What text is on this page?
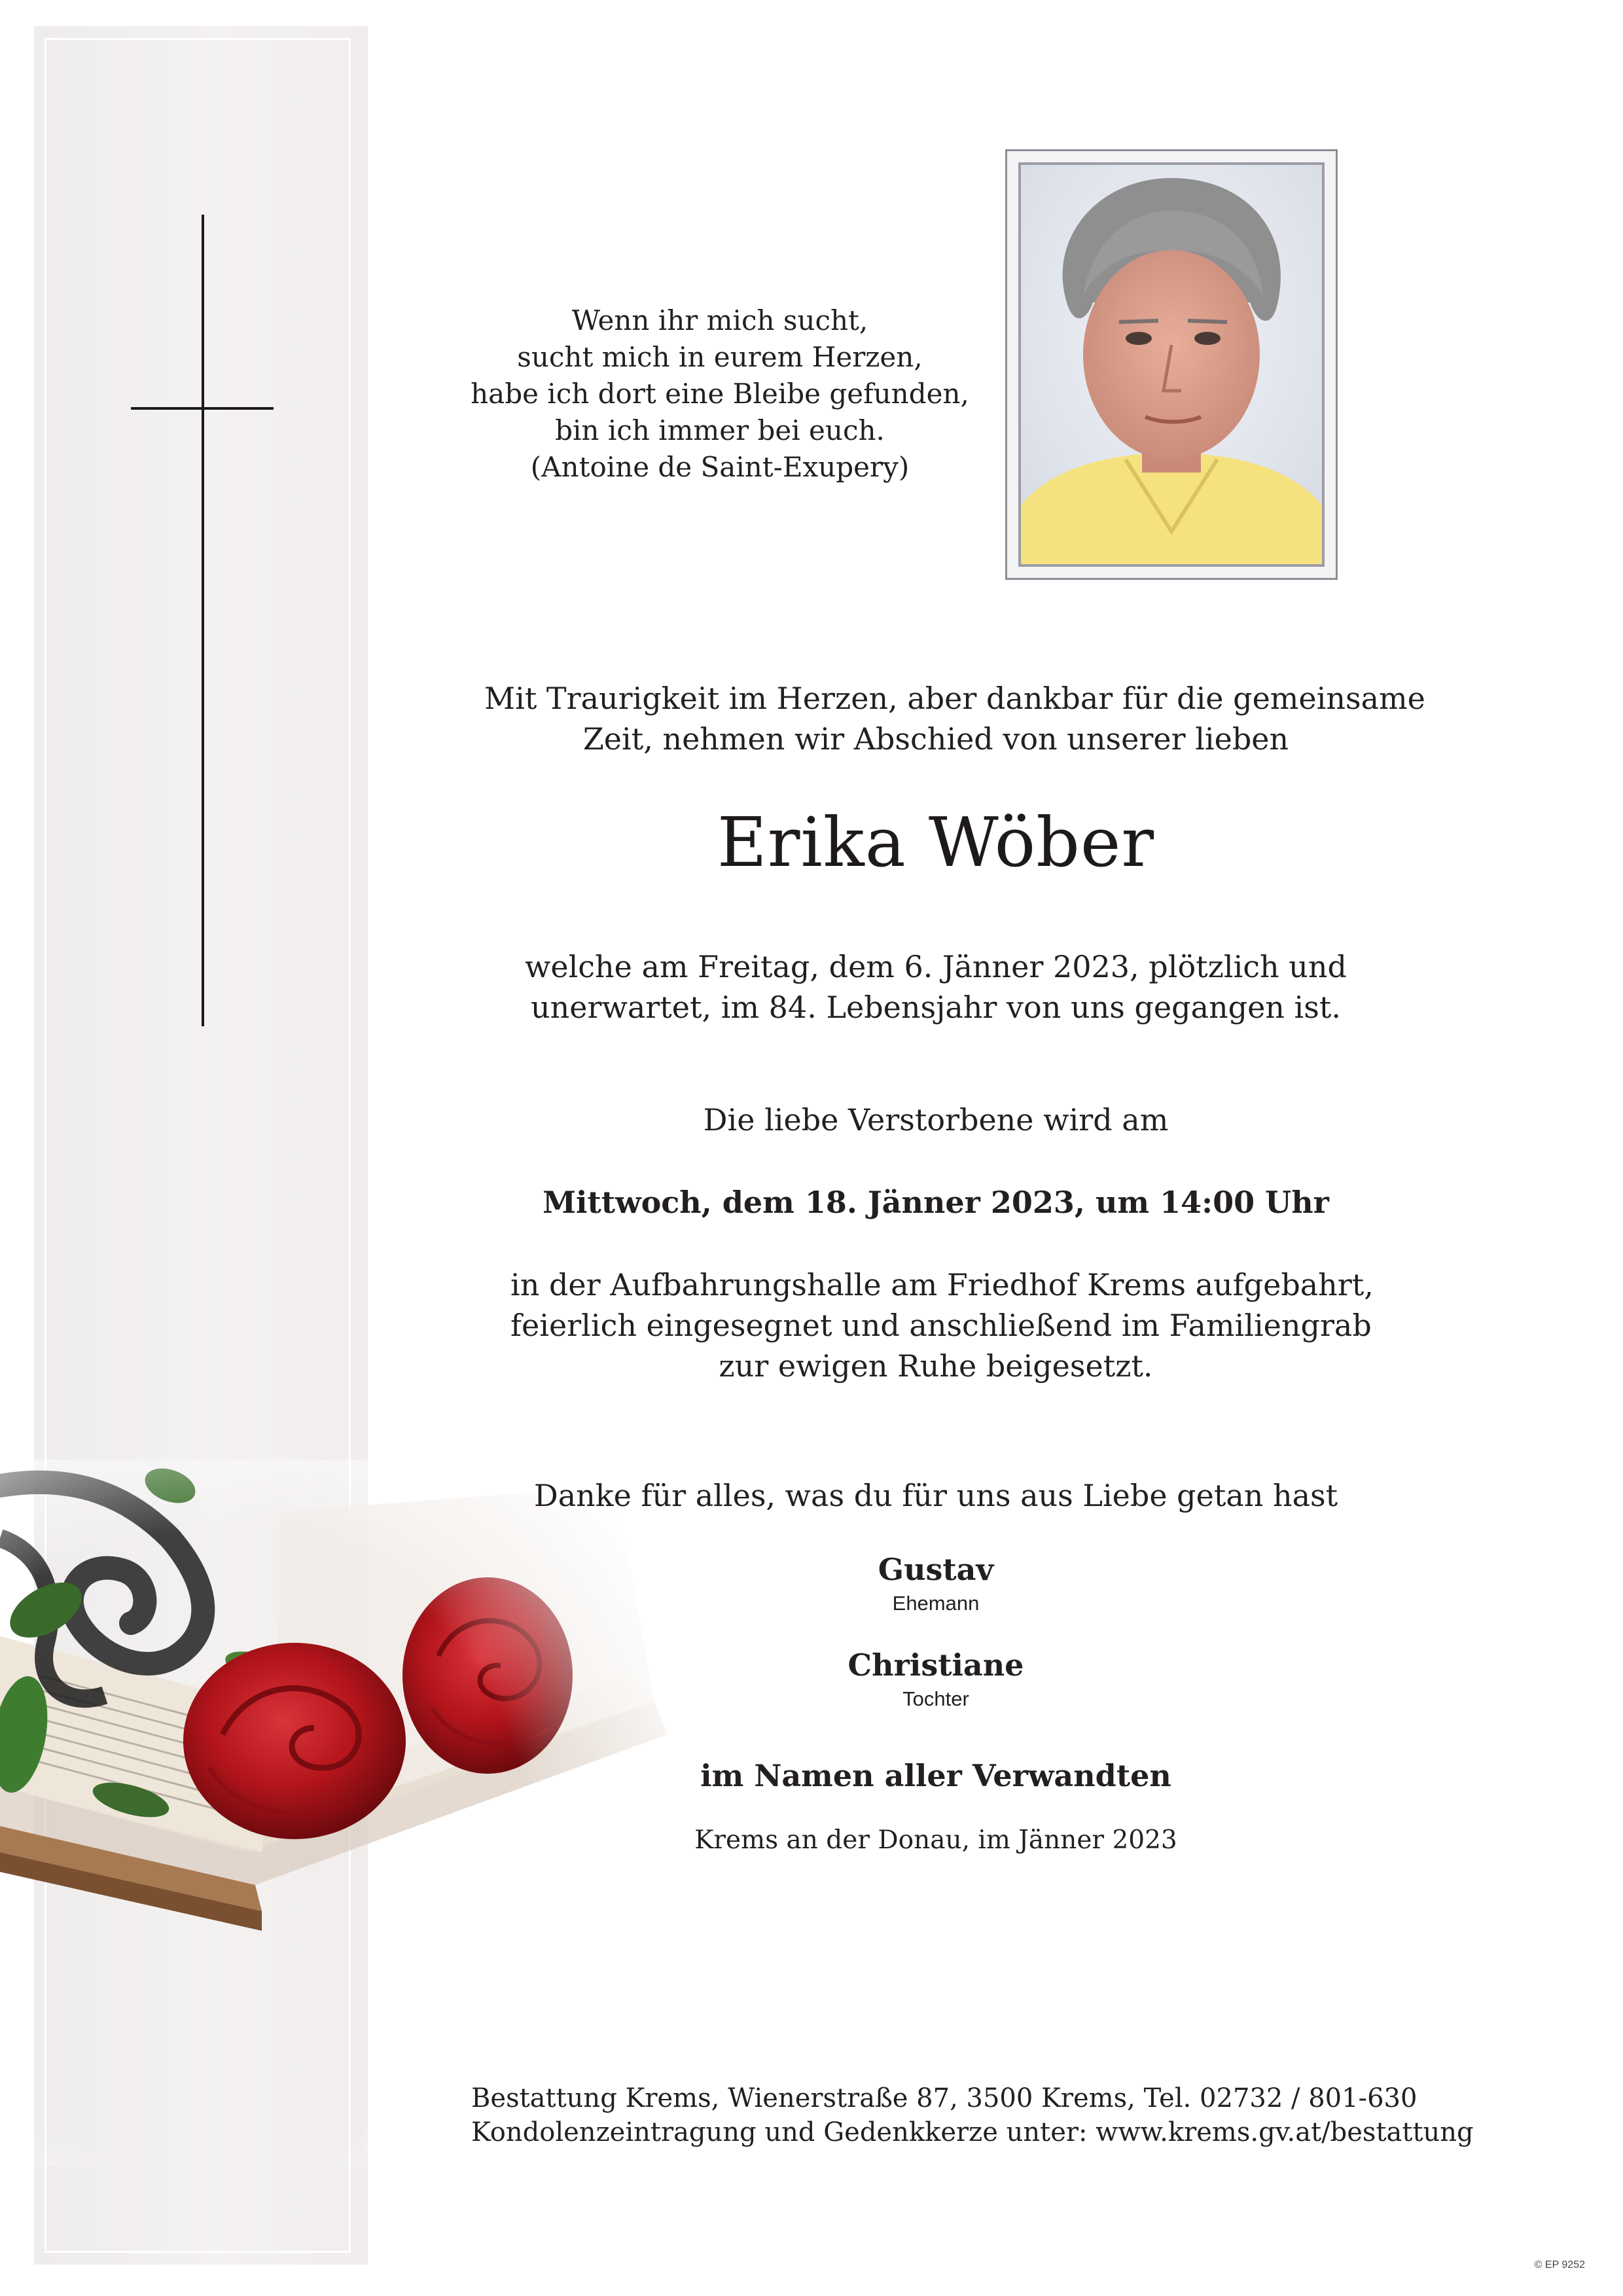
Wenn ihr mich sucht,
sucht mich in eurem Herzen,
habe ich dort eine Bleibe gefunden,
bin ich immer bei euch.
(Antoine de Saint-Exupery)
Mit Traurigkeit im Herzen, aber dankbar für die gemeinsame
Zeit, nehmen wir Abschied von unserer lieben
Erika Wöber
welche am Freitag, dem 6. Jänner 2023, plötzlich und
unerwartet, im 84. Lebensjahr von uns gegangen ist.
Die liebe Verstorbene wird am
Mittwoch, dem 18. Jänner 2023, um 14:00 Uhr
in der Aufbahrungshalle am Friedhof Krems aufgebahrt,
feierlich eingesegnet und anschließend im Familiengrab
zur ewigen Ruhe beigesetzt.
Danke für alles, was du für uns aus Liebe getan hast
Gustav
Ehemann
Christiane
Tochter
im Namen aller Verwandten
Krems an der Donau, im Jänner 2023
Bestattung Krems, Wienerstraße 87, 3500 Krems, Tel. 02732 / 801-630
Kondolenzeintragung und Gedenkkerze unter: www.krems.gv.at/bestattung
© EP 9252
